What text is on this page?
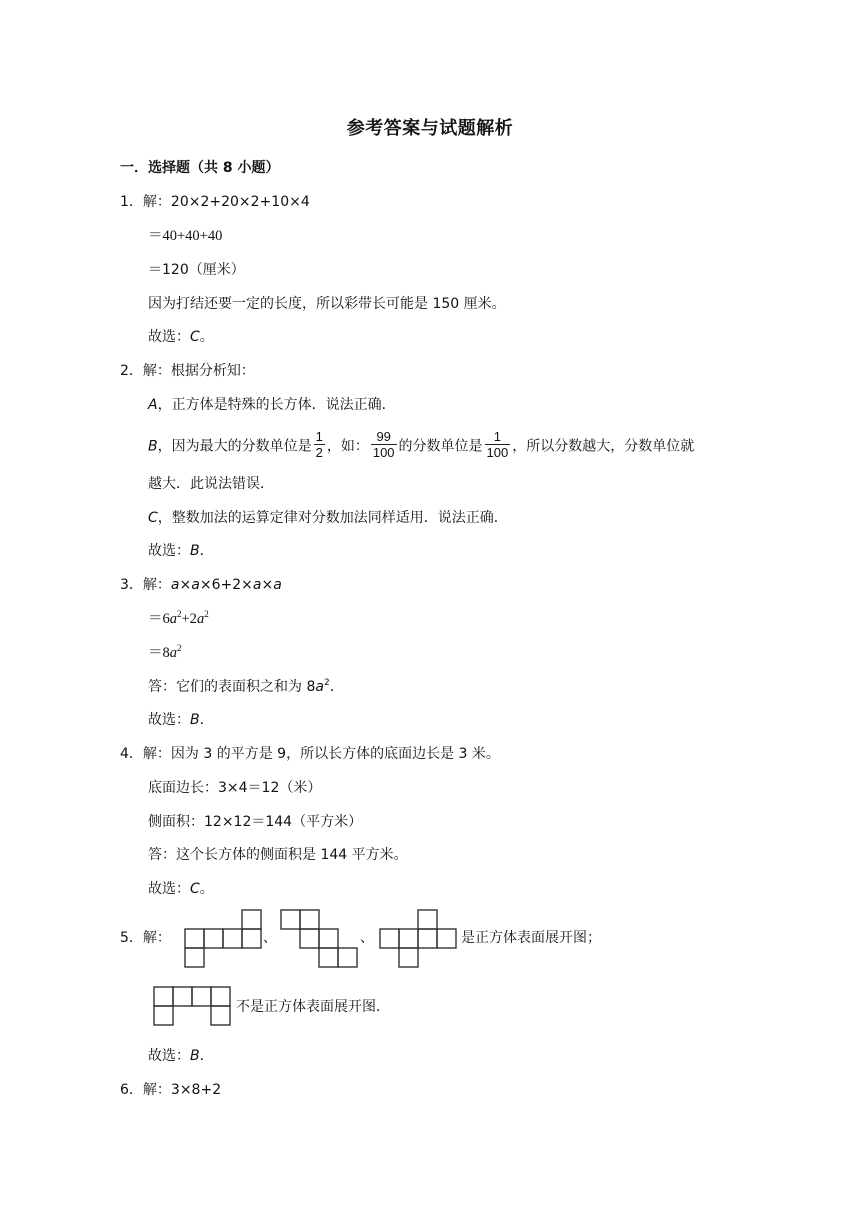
参考答案与试题解析
一．选择题（共 8 小题）
1．解：20×2+20×2+10×4
＝40+40+40
＝120（厘米）
因为打结还要一定的长度，所以彩带长可能是 150 厘米。
故选：C。
2．解：根据分析知：
A，正方体是特殊的长方体．说法正确．
B，因为最大的分数单位是 $\frac{1}{2}$ ，如： $\frac{99}{100}$ 的分数单位是 $\frac{1}{100}$ ，所以分数越大，分数单位就
越大．此说法错误．
C，整数加法的运算定律对分数加法同样适用．说法正确．
故选：B．
3．解：a×a×6+2×a×a
$=6a^2+2a^2$
$=8a^2$
答：它们的表面积之和为 $8a^2$．
故选：B．
4．解：因为 3 的平方是 9，所以长方体的底面边长是 3 米。
底面边长：3×4＝12（米）
侧面积：12×12＝144（平方米）
答：这个长方体的侧面积是 144 平方米。
故选：C。
5．解：	、	、	是正方体表面展开图；
不是正方体表面展开图．
故选：B．
6．解：3×8+2
